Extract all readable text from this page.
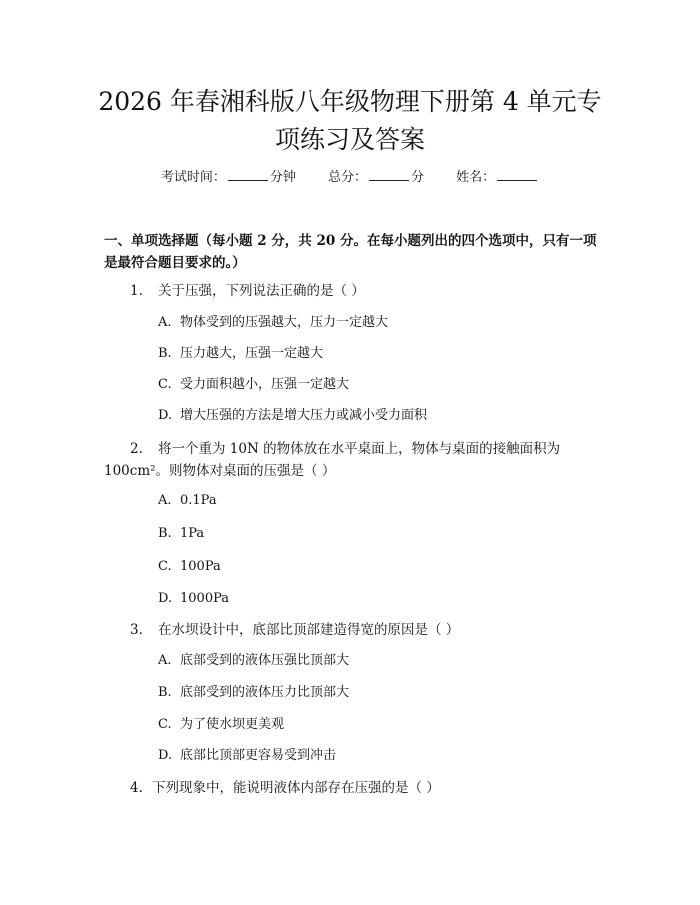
2026 年春湘科版八年级物理下册第 4 单元专
项练习及答案
考试时间：	分钟 总分：	分 姓名：
一、单项选择题（每小题 2 分，共 20 分。在每小题列出的四个选项中，只有一项
是最符合题目要求的。）
1. 关于压强，下列说法正确的是（ ）
A. 物体受到的压强越大，压力一定越大
B. 压力越大，压强一定越大
C. 受力面积越小，压强一定越大
D. 增大压强的方法是增大压力或减小受力面积
2. 将一个重为 10N 的物体放在水平桌面上，物体与桌面的接触面积为
100cm²。则物体对桌面的压强是（ ）
A. 0.1Pa
B. 1Pa
C. 100Pa
D. 1000Pa
3. 在水坝设计中，底部比顶部建造得宽的原因是（ ）
A. 底部受到的液体压强比顶部大
B. 底部受到的液体压力比顶部大
C. 为了使水坝更美观
D. 底部比顶部更容易受到冲击
4. 下列现象中，能说明液体内部存在压强的是（ ）
